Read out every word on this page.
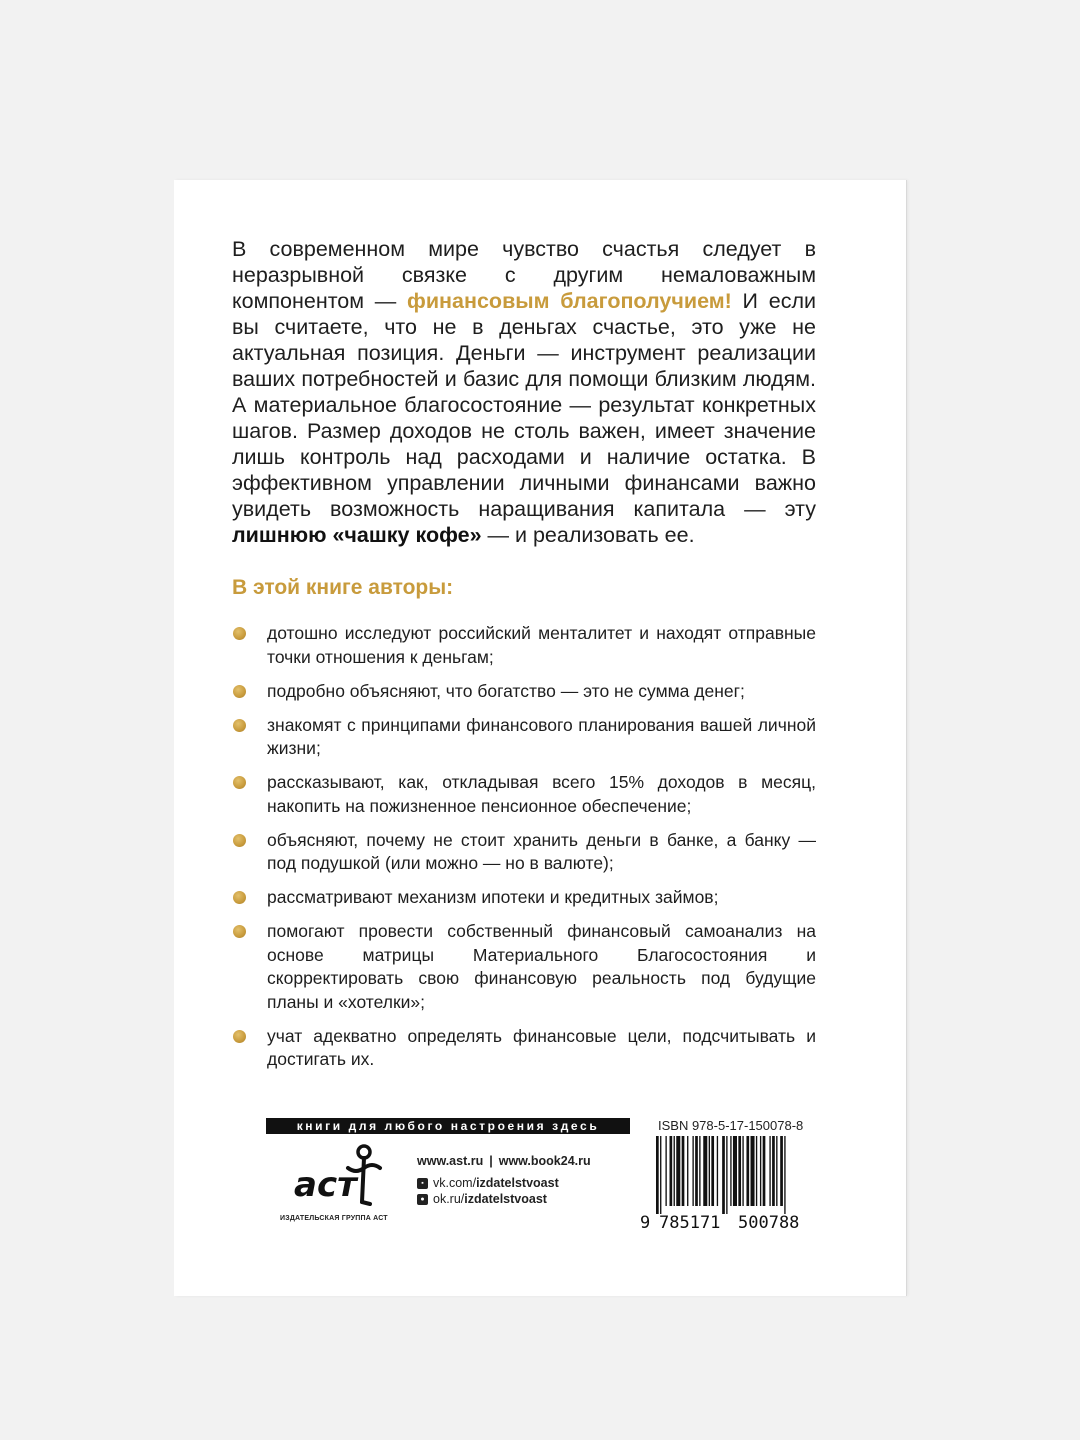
В современном мире чувство счастья следует в неразрывной связке с другим немаловажным компонентом — финансовым благополучием! И если вы считаете, что не в деньгах счастье, это уже не актуальная позиция. Деньги — инструмент реализации ваших потребностей и базис для помощи близким людям. А материальное благосостояние — результат конкретных шагов. Размер доходов не столь важен, имеет значение лишь контроль над расходами и наличие остатка. В эффективном управлении личными финансами важно увидеть возможность наращивания капитала — эту лишнюю «чашку кофе» — и реализовать ее.
В этой книге авторы:
дотошно исследуют российский менталитет и находят отправные точки отношения к деньгам;
подробно объясняют, что богатство — это не сумма денег;
знакомят с принципами финансового планирования вашей личной жизни;
рассказывают, как, откладывая всего 15% доходов в месяц, накопить на пожизненное пенсионное обеспечение;
объясняют, почему не стоит хранить деньги в банке, а банку — под подушкой (или можно — но в валюте);
рассматривают механизм ипотеки и кредитных займов;
помогают провести собственный финансовый самоанализ на основе матрицы Материального Благосостояния и скорректировать свою финансовую реальность под будущие планы и «хотелки»;
учат адекватно определять финансовые цели, подсчитывать и достигать их.
книги для любого настроения здесь
аст
ИЗДАТЕЛЬСКАЯ ГРУППА АСТ
www.ast.ru | www.book24.ru
▪ vk.com/ izdatelstvoast
● ok.ru/ izdatelstvoast
ISBN 978-5-17-150078-8
9 785171 500788
